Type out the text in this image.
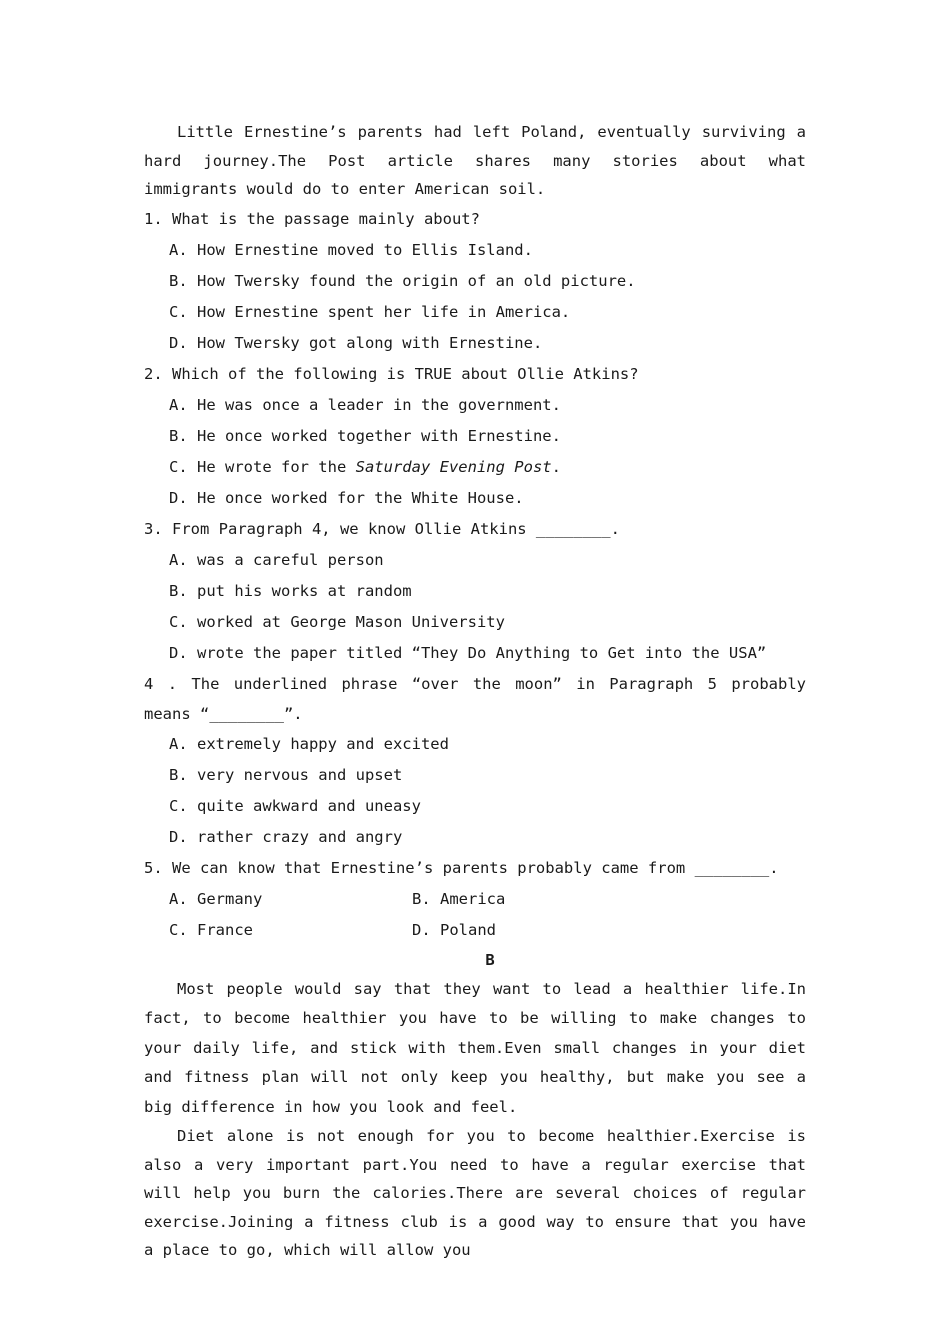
Little Ernestine’s parents had left Poland, eventually surviving a hard journey.The Post article shares many stories about what immigrants would do to enter American soil.

1. What is the passage mainly about?

A. How Ernestine moved to Ellis Island.

B. How Twersky found the origin of an old picture.

C. How Ernestine spent her life in America.

D. How Twersky got along with Ernestine.

2. Which of the following is TRUE about Ollie Atkins?

A. He was once a leader in the government.

B. He once worked together with Ernestine.

C. He wrote for the Saturday Evening Post.

D. He once worked for the White House.

3. From Paragraph 4, we know Ollie Atkins ________.

A. was a careful person

B. put his works at random

C. worked at George Mason University

D. wrote the paper titled “They Do Anything to Get into the USA”

4 . The underlined phrase “over the moon” in Paragraph 5 probably means “________”.

A. extremely happy and excited

B. very nervous and upset

C. quite awkward and uneasy

D. rather crazy and angry

5. We can know that Ernestine’s parents probably came from ________.

A. Germany	B. America
C. France	D. Poland

B

Most people would say that they want to lead a healthier life.In fact, to become healthier you have to be willing to make changes to your daily life, and stick with them.Even small changes in your diet and fitness plan will not only keep you healthy, but make you see a big difference in how you look and feel.

Diet alone is not enough for you to become healthier.Exercise is also a very important part.You need to have a regular exercise that will help you burn the calories.There are several choices of regular exercise.Joining a fitness club is a good way to ensure that you have a place to go, which will allow you
